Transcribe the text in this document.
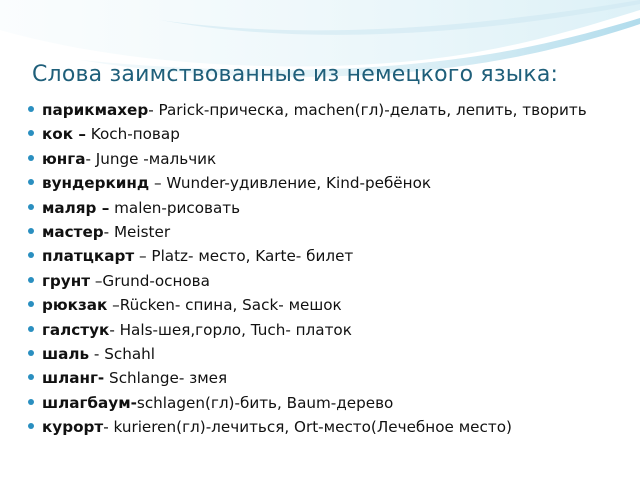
Слова заимствованные из немецкого языка:
парикмахер- Parick-прическа, machen(гл)-делать, лепить, творить
кок – Koch-повар
юнга- Junge -мальчик
вундеркинд – Wunder-удивление, Kind-ребёнок
маляр – malen-рисовать
мастер- Meister
платцкарт – Platz- место, Karte- билет
грунт –Grund-основа
рюкзак –Rücken- спина, Sack- мешок
галстук- Hals-шея,горло, Tuch- платок
шаль - Schahl
шланг- Schlange- змея
шлагбаум-schlagen(гл)-бить, Baum-дерево
курорт- kurieren(гл)-лечиться, Ort-место(Лечебное место)
